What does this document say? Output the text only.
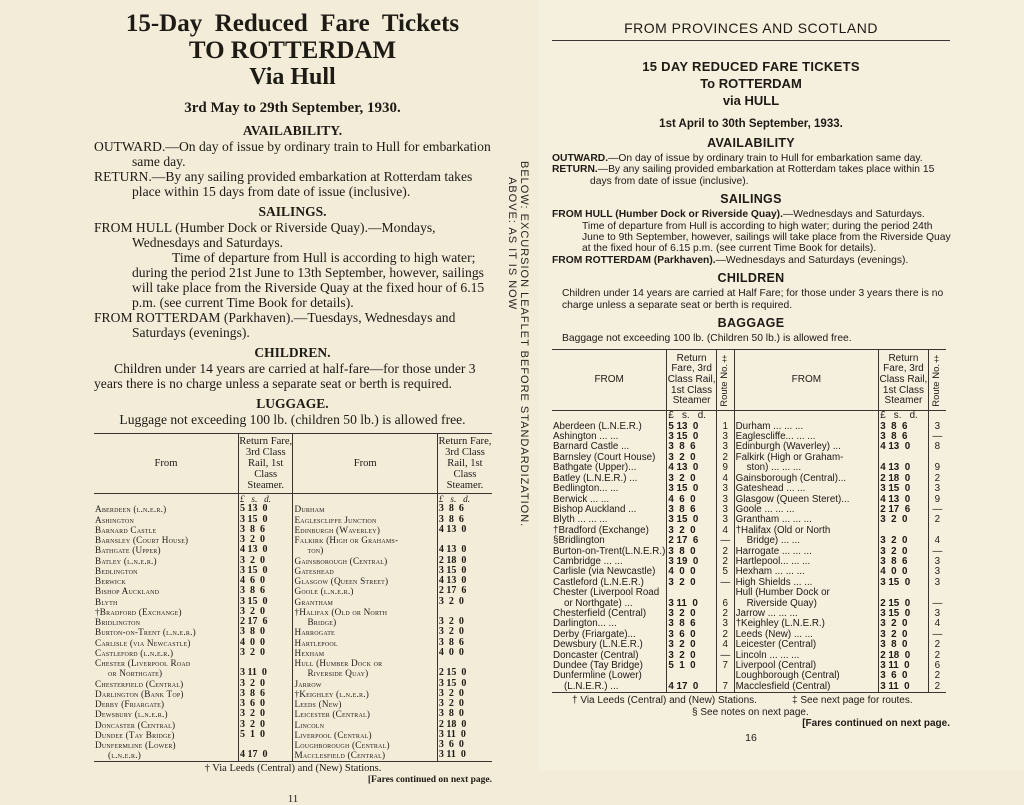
15-Day  Reduced  Fare  Tickets
TO ROTTERDAM
Via Hull
3rd May to 29th September, 1930.
AVAILABILITY.

OUTWARD.—On day of issue by ordinary train to Hull for embarkation same day.

RETURN.—By any sailing provided embarkation at Rotterdam takes place within 15 days from date of issue (inclusive).

SAILINGS.

FROM HULL (Humber Dock or Riverside Quay).—Mondays, Wednesdays and Saturdays.

Time of departure from Hull is according to high water; during the period 21st June to 13th September, however, sailings will take place from the Riverside Quay at the fixed hour of 6.15 p.m. (see current Time Book for details).

FROM ROTTERDAM (Parkhaven).—Tuesdays, Wednesdays and Saturdays (evenings).

CHILDREN.

Children under 14 years are carried at half-fare—for those under 3 years there is no charge unless a separate seat or berth is required.

LUGGAGE.

Luggage not exceeding 100 lb. (children 50 lb.) is allowed free.

From	Return Fare, 3rd Class Rail, 1st Class Steamer.	From	Return Fare, 3rd Class Rail, 1st Class Steamer.
	£   s.   d.		£   s.   d.
Aberdeen (l.n.e.r.)	5 13  0	Durham	3  8  6
Ashington	3 15  0	Eaglescliffe Junction	3  8  6
Barnard Castle	3  8  6	Edinburgh (Waverley)	4 13  0
Barnsley (Court House)	3  2  0	Falkirk (High or Grahams-	
Bathgate (Upper)	4 13  0	ton)	4 13  0
Batley (l.n.e.r.)	3  2  0	Gainsborough (Central)	2 18  0
Bedlington	3 15  0	Gateshead	3 15  0
Berwick	4  6  0	Glasgow (Queen Street)	4 13  0
Bishop Auckland	3  8  6	Goole (l.n.e.r.)	2 17  6
Blyth	3 15  0	Grantham	3  2  0
†Bradford (Exchange)	3  2  0	†Halifax (Old or North	
Bridlington	2 17  6	Bridge)	3  2  0
Burton-on-Trent (l.n.e.r.)	3  8  0	Harrogate	3  2  0
Carlisle (via Newcastle)	4  0  0	Hartlepool	3  8  6
Castleford (l.n.e.r.)	3  2  0	Hexham	4  0  0
Chester (Liverpool Road		Hull (Humber Dock or	
or Northgate)	3 11  0	Riverside Quay)	2 15  0
Chesterfield (Central)	3  2  0	Jarrow	3 15  0
Darlington (Bank Top)	3  8  6	†Keighley (l.n.e.r.)	3  2  0
Derby (Friargate)	3  6  0	Leeds (New)	3  2  0
Dewsbury (l.n.e.r.)	3  2  0	Leicester (Central)	3  8  0
Doncaster (Central)	3  2  0	Lincoln	2 18  0
Dundee (Tay Bridge)	5  1  0	Liverpool (Central)	3 11  0
Dunfermline (Lower)		Loughborough (Central)	3  6  0
(l.n.e.r.)	4 17  0	Macclesfield (Central)	3 11  0

† Via Leeds (Central) and (New) Stations.

[Fares continued on next page.

11

BELOW: EXCURSION LEAFLET BEFORE STANDARDIZATION.
ABOVE: AS IT IS NOW
FROM PROVINCES AND SCOTLAND
15 DAY REDUCED FARE TICKETS
To ROTTERDAM
via HULL
1st April to 30th September, 1933.
AVAILABILITY

OUTWARD.—On day of issue by ordinary train to Hull for embarkation same day.

RETURN.—By any sailing provided embarkation at Rotterdam takes place within 15 days from date of issue (inclusive).

SAILINGS

FROM HULL (Humber Dock or Riverside Quay).—Wednesdays and Saturdays.

Time of departure from Hull is according to high water; during the period 24th June to 9th September, however, sailings will take place from the Riverside Quay at the fixed hour of 6.15 p.m. (see current Time Book for details).

FROM ROTTERDAM (Parkhaven).—Wednesdays and Saturdays (evenings).

CHILDREN

Children under 14 years are carried at Half Fare; for those under 3 years there is no charge unless a separate seat or berth is required.

BAGGAGE

Baggage not exceeding 100 lb. (Children 50 lb.) is allowed free.

FROM	Return Fare, 3rd Class Rail, 1st Class Steamer	Route No.‡	FROM	Return Fare, 3rd Class Rail, 1st Class Steamer	Route No.‡

	£   s.   d.			£   s.   d.	
Aberdeen (L.N.E.R.)	5 13  0	1	Durham ... ... ...	3  8  6	3
Ashington ... ...	3 15  0	3	Eaglescliffe... ... ...	3  8  6	—
Barnard Castle ...	3  8  6	3	Edinburgh (Waverley) ...	4 13  0	8
Barnsley (Court House)	3  2  0	2	Falkirk (High or Graham-		
Bathgate (Upper)...	4 13  0	9	ston) ... ... ...	4 13  0	9
Batley (L.N.E.R.) ...	3  2  0	4	Gainsborough (Central)...	2 18  0	2
Bedlington... ...	3 15  0	3	Gateshead ... ...	3 15  0	3
Berwick ... ...	4  6  0	3	Glasgow (Queen Steret)...	4 13  0	9
Bishop Auckland ...	3  8  6	3	Goole ... ... ...	2 17  6	—
Blyth ... ... ...	3 15  0	3	Grantham ... ... ...	3  2  0	2
†Bradford (Exchange)	3  2  0	4	†Halifax (Old or North		
§Bridlington	2 17  6	—	Bridge) ... ...	3  2  0	4
Burton-on-Trent(L.N.E.R.)	3  8  0	2	Harrogate ... ... ...	3  2  0	—
Cambridge ... ...	3 19  0	2	Hartlepool... ... ...	3  8  6	3
Carlisle (via Newcastle)	4  0  0	5	Hexham ... ... ...	4  0  0	3
Castleford (L.N.E.R.)	3  2  0	—	High Shields ... ...	3 15  0	3
Chester (Liverpool Road			Hull (Humber Dock or		
or Northgate) ...	3 11  0	6	Riverside Quay)	2 15  0	—
Chesterfield (Central)	3  2  0	2	Jarrow ... ... ...	3 15  0	3
Darlington... ...	3  8  6	3	†Keighley (L.N.E.R.)	3  2  0	4
Derby (Friargate)...	3  6  0	2	Leeds (New) ... ...	3  2  0	—
Dewsbury (L.N.E.R.)	3  2  0	4	Leicester (Central)	3  8  0	2
Doncaster (Central)	3  2  0	—	Lincoln ... ... ...	2 18  0	2
Dundee (Tay Bridge)	5  1  0	7	Liverpool (Central)	3 11  0	6
Dunfermline (Lower)			Loughborough (Central)	3  6  0	2
(L.N.E.R.) ...	4 17  0	7	Macclesfield (Central)	3 11  0	2

† Via Leeds (Central) and (New) Stations.	‡ See next page for routes.

§ See notes on next page.

[Fares continued on next page.

16
